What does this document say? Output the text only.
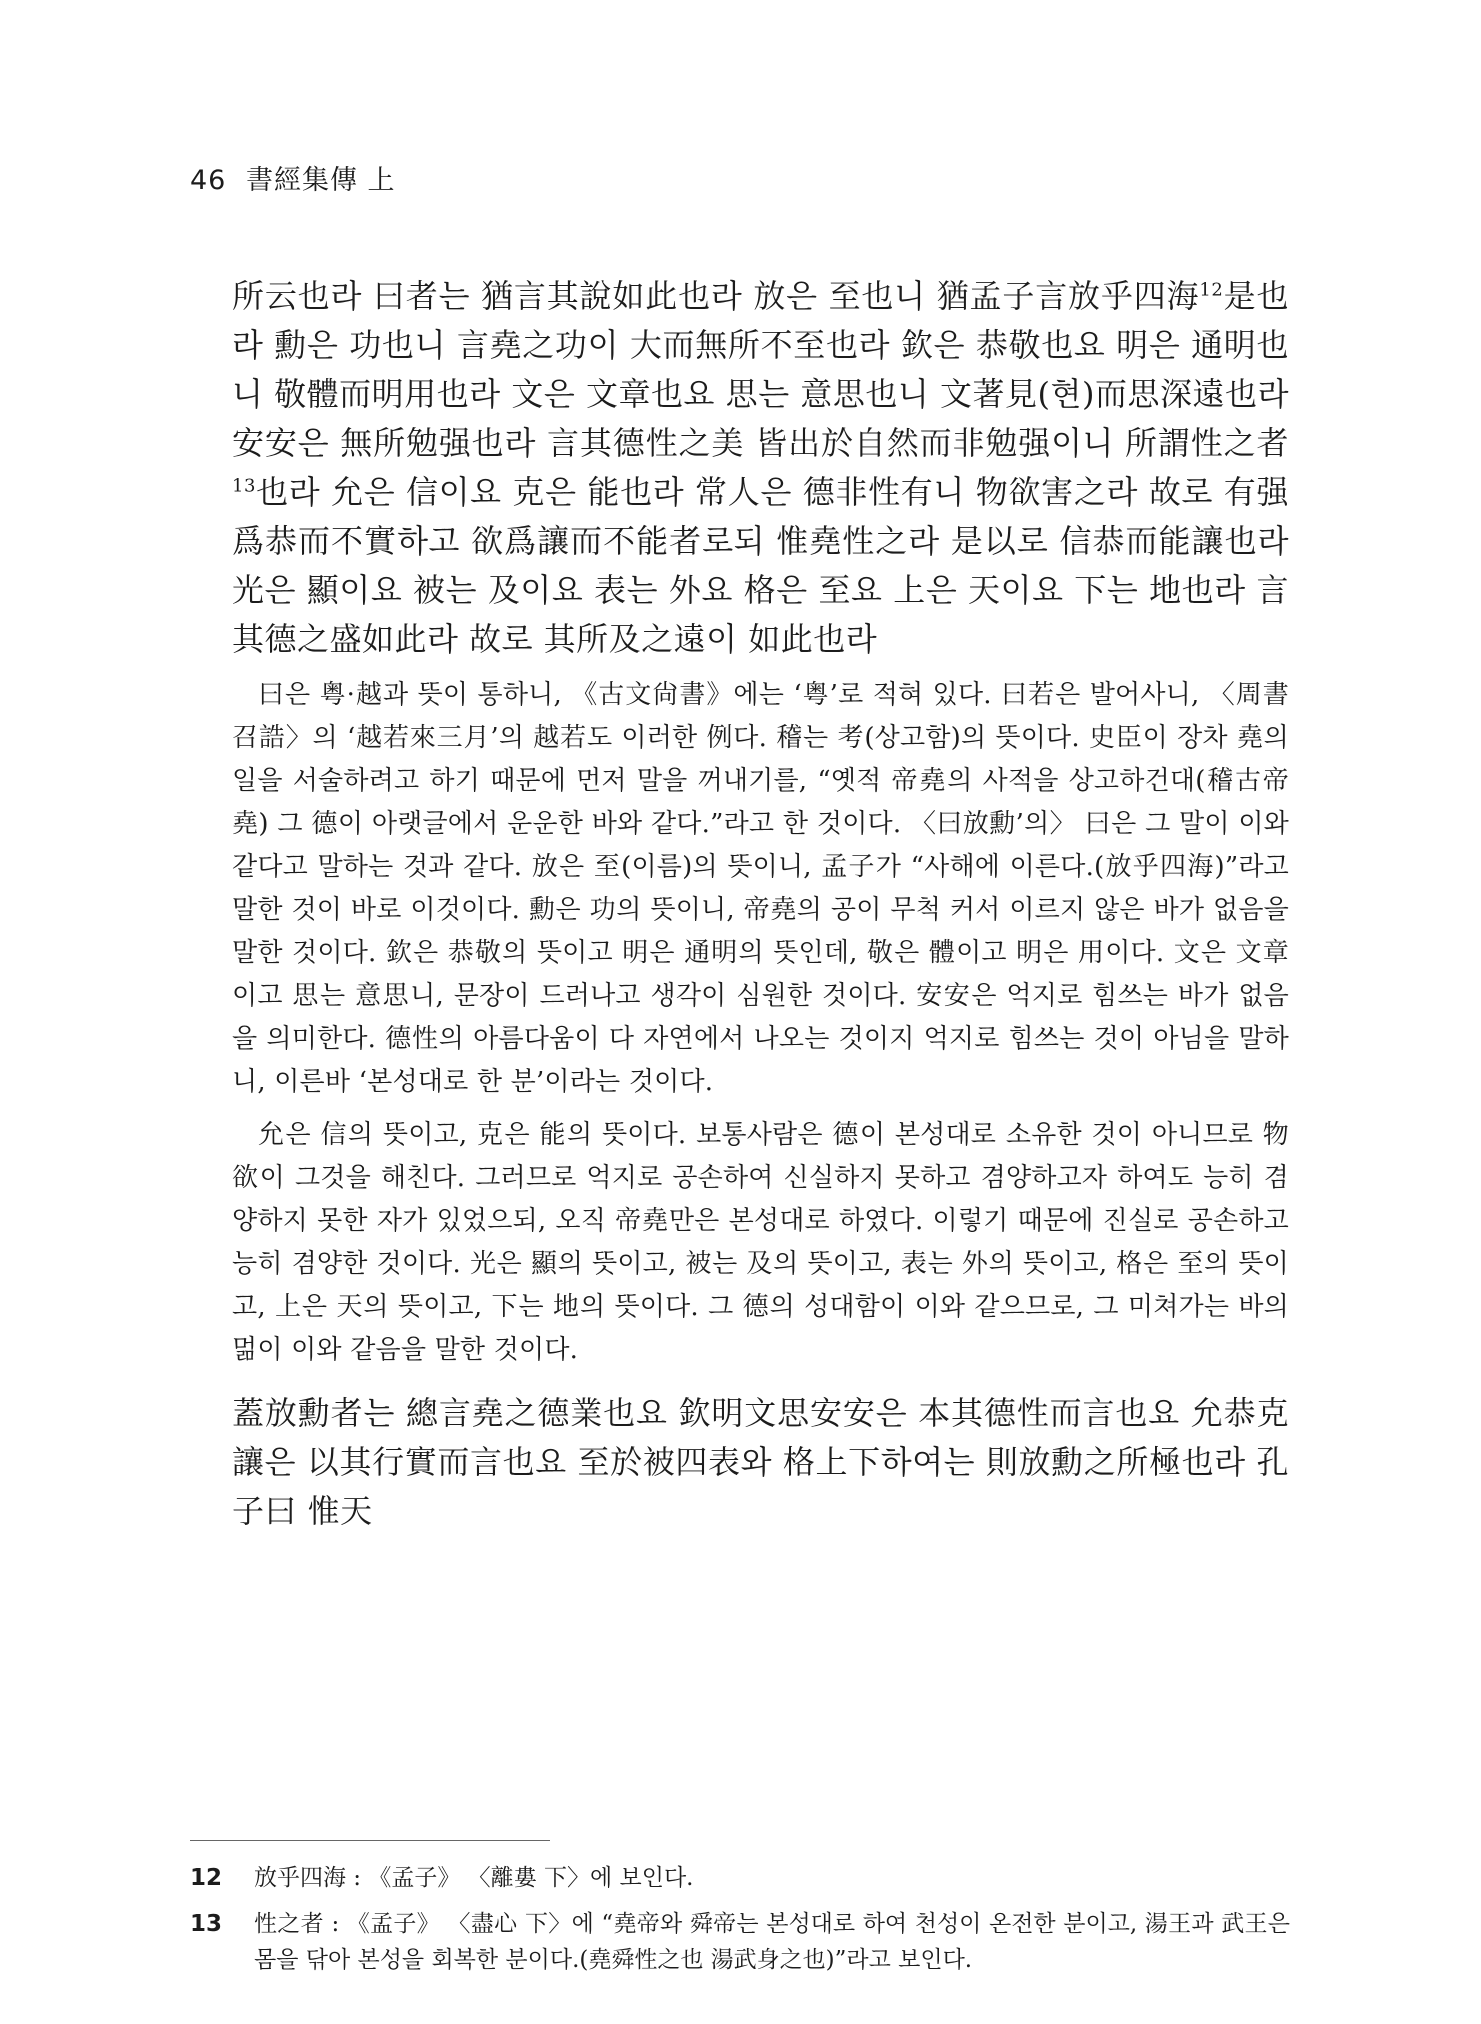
46 書經集傳 上

所云也라 曰者는 猶言其說如此也라 放은 至也니 猶孟子言放乎四海$^{12}$是也라 勳은 功也니 言堯之功이 大而無所不至也라 欽은 恭敬也요 明은 通明也니 敬體而明用也라 文은 文章也요 思는 意思也니 文著見(현)而思深遠也라 安安은 無所勉强也라 言其德性之美 皆出於自然而非勉强이니 所謂性之者$^{13}$也라 允은 信이요 克은 能也라 常人은 德非性有니 物欲害之라 故로 有强爲恭而不實하고 欲爲讓而不能者로되 惟堯性之라 是以로 信恭而能讓也라 光은 顯이요 被는 及이요 表는 外요 格은 至요 上은 天이요 下는 地也라 言其德之盛如此라 故로 其所及之遠이 如此也라

曰은 粤·越과 뜻이 통하니, 《古文尙書》에는 ‘粤’로 적혀 있다. 曰若은 발어사니, 〈周書 召誥〉의 ‘越若來三月’의 越若도 이러한 例다. 稽는 考(상고함)의 뜻이다. 史臣이 장차 堯의 일을 서술하려고 하기 때문에 먼저 말을 꺼내기를, “옛적 帝堯의 사적을 상고하건대(稽古帝堯) 그 德이 아랫글에서 운운한 바와 같다.”라고 한 것이다. 〈曰放勳’의〉 曰은 그 말이 이와 같다고 말하는 것과 같다. 放은 至(이름)의 뜻이니, 孟子가 “사해에 이른다.(放乎四海)”라고 말한 것이 바로 이것이다. 勳은 功의 뜻이니, 帝堯의 공이 무척 커서 이르지 않은 바가 없음을 말한 것이다. 欽은 恭敬의 뜻이고 明은 通明의 뜻인데, 敬은 體이고 明은 用이다. 文은 文章이고 思는 意思니, 문장이 드러나고 생각이 심원한 것이다. 安安은 억지로 힘쓰는 바가 없음을 의미한다. 德性의 아름다움이 다 자연에서 나오는 것이지 억지로 힘쓰는 것이 아님을 말하니, 이른바 ‘본성대로 한 분’이라는 것이다.

允은 信의 뜻이고, 克은 能의 뜻이다. 보통사람은 德이 본성대로 소유한 것이 아니므로 物欲이 그것을 해친다. 그러므로 억지로 공손하여 신실하지 못하고 겸양하고자 하여도 능히 겸양하지 못한 자가 있었으되, 오직 帝堯만은 본성대로 하였다. 이렇기 때문에 진실로 공손하고 능히 겸양한 것이다. 光은 顯의 뜻이고, 被는 及의 뜻이고, 表는 外의 뜻이고, 格은 至의 뜻이고, 上은 天의 뜻이고, 下는 地의 뜻이다. 그 德의 성대함이 이와 같으므로, 그 미쳐가는 바의 멂이 이와 같음을 말한 것이다.

蓋放勳者는 總言堯之德業也요 欽明文思安安은 本其德性而言也요 允恭克讓은 以其行實而言也요 至於被四表와 格上下하여는 則放勳之所極也라 孔子曰 惟天

12	放乎四海 : 《孟子》 〈離婁 下〉에 보인다.
13	性之者 : 《孟子》 〈盡心 下〉에 “堯帝와 舜帝는 본성대로 하여 천성이 온전한 분이고, 湯王과 武王은 몸을 닦아 본성을 회복한 분이다.(堯舜性之也 湯武身之也)”라고 보인다.
